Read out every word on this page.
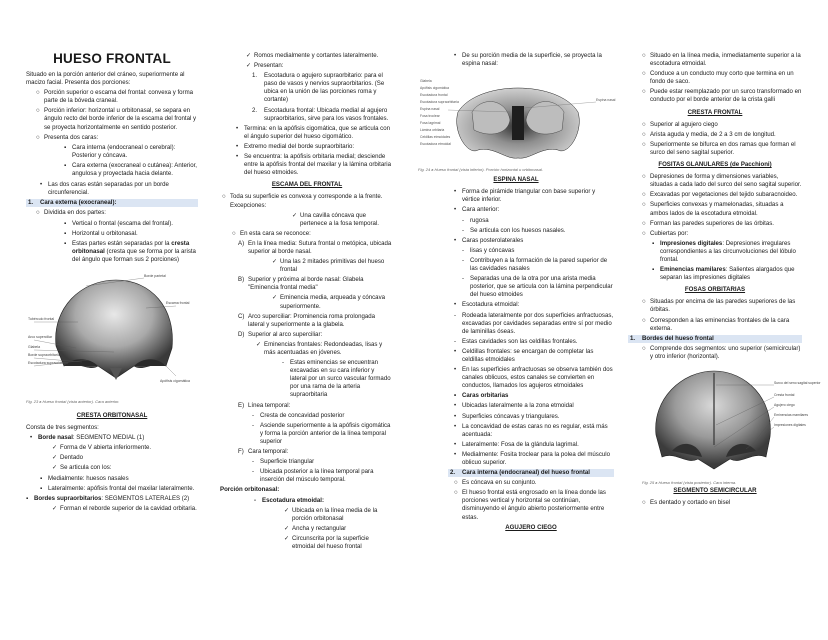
HUESO FRONTAL
Situado en la porción anterior del cráneo, superiormente al macizo facial. Presenta dos porciones:
○ Porción superior o escama del frontal: convexa y forma parte de la bóveda craneal.
○ Porción inferior: horizontal u orbitonasal, se separa en ángulo recto del borde inferior de la escama del frontal y se proyecta horizontalmente en sentido posterior.
○ Presenta dos caras:
▪ Cara interna (endocraneal o cerebral): Posterior y cóncava.
▪ Cara externa (exocraneal o cutánea): Anterior, angulosa y proyectada hacia delante.
• Las dos caras están separadas por un borde circunferencial.
1.	Cara externa (exocraneal):
○ Dividida en dos partes:
▪ Vertical o frontal (escama del frontal).
▪ Horizontal u orbitonasal.
▪ Estas partes están separadas por la cresta orbitonasal (cresta que se forma por la arista del ángulo que forman sus 2 porciones)
Borde parietal
Escama frontal
Tubérculo frontal
Arco superciliar
Glabela
Borde supraorbitario
Escotadura supraorbitaria
Apófisis cigomática
Fig. 23 ▸ Hueso frontal (vista anterior). Cara anterior.
CRESTA ORBITONASAL
Consta de tres segmentos:
• Borde nasal: SEGMENTO MEDIAL (1)
✓ Forma de V abierta inferiormente.
✓ Dentado
✓ Se articula con los:
▪ Medialmente: huesos nasales
▪ Lateralmente: apófisis frontal del maxilar lateralmente.
▪ Bordes supraorbitarios: SEGMENTOS LATERALES (2)
✓ Forman el reborde superior de la cavidad orbitaria.
✓ Romos medialmente y cortantes lateralmente.
✓ Presentan:
1.	Escotadura o agujero supraorbitario: para el paso de vasos y nervios supraorbitarios. (Se ubica en la unión de las porciones roma y cortante)
2.	Escotadura frontal: Ubicada medial al agujero supraorbitarios, sirve para los vasos frontales.
• Termina: en la apófisis cigomática, que se articula con el ángulo superior del hueso cigomático.
• Extremo medial del borde supraorbitario:
• Se encuentra: la apófisis orbitaria medial; desciende entre la apófisis frontal del maxilar y la lámina orbitaria del hueso etmoides.
ESCAMA DEL FRONTAL
○ Toda su superficie es convexa y corresponde a la frente. Excepciones:
✓ Una cavilla cóncava que pertenece a la fosa temporal.
○ En esta cara se reconoce:
A) En la línea media: Sutura frontal o metópica, ubicada superior al borde nasal.
✓ Una las 2 mitades primitivas del hueso frontal
B) Superior y próxima al borde nasal: Glabela "Eminencia frontal media"
✓ Eminencia media, arqueada y cóncava superiormente.
C) Arco superciliar: Prominencia roma prolongada lateral y superiormente a la glabela.
D) Superior al arco superciliar:
✓ Eminencias frontales: Redondeadas, lisas y más acentuadas en jóvenes.
- Estas eminencias se encuentran excavadas en su cara inferior y lateral por un surco vascular formado por una rama de la arteria supraorbitaria
E) Línea temporal:
- Cresta de concavidad posterior
- Asciende superiormente a la apófisis cigomática y forma la porción anterior de la línea temporal superior
F) Cara temporal:
- Superficie triangular
- Ubicada posterior a la línea temporal para inserción del músculo temporal.
Porción orbitonasal:
- Escotadura etmoidal:
✓ Ubicada en la línea media de la porción orbitonasal
✓ Ancha y rectangular
✓ Circunscrita por la superficie etmoidal del hueso frontal
• De su porción media de la superficie, se proyecta la espina nasal:
Glabela
Apófisis cigomática
Escotadura frontal
Escotadura supraorbitaria
Espina nasal
Fosa troclear
Fosa lagrimal
Lámina orbitaria
Celdillas etmoidales
Escotadura etmoidal
Espina nasal
Fig. 24 ▸ Hueso frontal (vista inferior). Porción horizontal u orbitonasal.
ESPINA NASAL
• Forma de pirámide triangular con base superior y vértice inferior.
• Cara anterior:
- rugosa
- Se articula con los huesos nasales.
• Caras posterolaterales
- lisas y cóncavas
- Contribuyen a la formación de la pared superior de las cavidades nasales
- Separadas una de la otra por una arista media posterior, que se articula con la lámina perpendicular del hueso etmoides
• Escotadura etmoidal:
- Rodeada lateralmente por dos superficies anfractuosas, excavadas por cavidades separadas entre sí por medio de laminillas óseas.
- Estas cavidades son las celdillas frontales.
• Celdillas frontales: se encargan de completar las celdillas etmoidales
• En las superficies anfractuosas se observa también dos canales oblicuos, estos canales se convierten en conductos, llamados los agujeros etmoidales
• Caras orbitarias
• Ubicadas lateralmente a la zona etmoidal
• Superficies cóncavas y triangulares.
• La concavidad de estas caras no es regular, está más acentuada:
• Lateralmente: Fosa de la glándula lagrimal.
• Medialmente: Fosita troclear para la polea del músculo oblicuo superior.
2.	Cara interna (endocraneal) del hueso frontal
○ Es cóncava en su conjunto.
○ El hueso frontal está engrosado en la línea donde las porciones vertical y horizontal se continúan, disminuyendo el ángulo abierto posteriormente entre estas.
AGUJERO CIEGO
○ Situado en la línea media, inmediatamente superior a la escotadura etmoidal.
○ Conduce a un conducto muy corto que termina en un fondo de saco.
○ Puede estar reemplazado por un surco transformado en conducto por el borde anterior de la crista galli
CRESTA FRONTAL
○ Superior al agujero ciego
○ Arista aguda y media, de 2 a 3 cm de longitud.
○ Superiormente se bifurca en dos ramas que forman el surco del seno sagital superior.
FOSITAS GLANULARES (de Pacchioni)
○ Depresiones de forma y dimensiones variables, situadas a cada lado del surco del seno sagital superior.
○ Excavadas por vegetaciones del tejido subaracnoideo.
○ Superficies convexas y mamelonadas, situadas a ambos lados de la escotadura etmoidal.
○ Forman las paredes superiores de las órbitas.
○ Cubiertas por:
▪ Impresiones digitales: Depresiones irregulares correspondientes a las circunvoluciones del lóbulo frontal.
▪ Eminencias mamilares: Salientes alargados que separan las impresiones digitales
FOSAS ORBITARIAS
○ Situadas por encima de las paredes superiores de las órbitas.
○ Corresponden a las eminencias frontales de la cara externa.
1.	Bordes del hueso frontal
○ Comprende dos segmentos: uno superior (semicircular) y otro inferior (horizontal).
Surco del seno sagital superior
Cresta frontal
Agujero ciego
Eminencias mamilares
Impresiones digitales
Fig. 25 ▸ Hueso frontal (vista posterior). Cara interna.
SEGMENTO SEMICIRCULAR
○ Es dentado y cortado en bisel
